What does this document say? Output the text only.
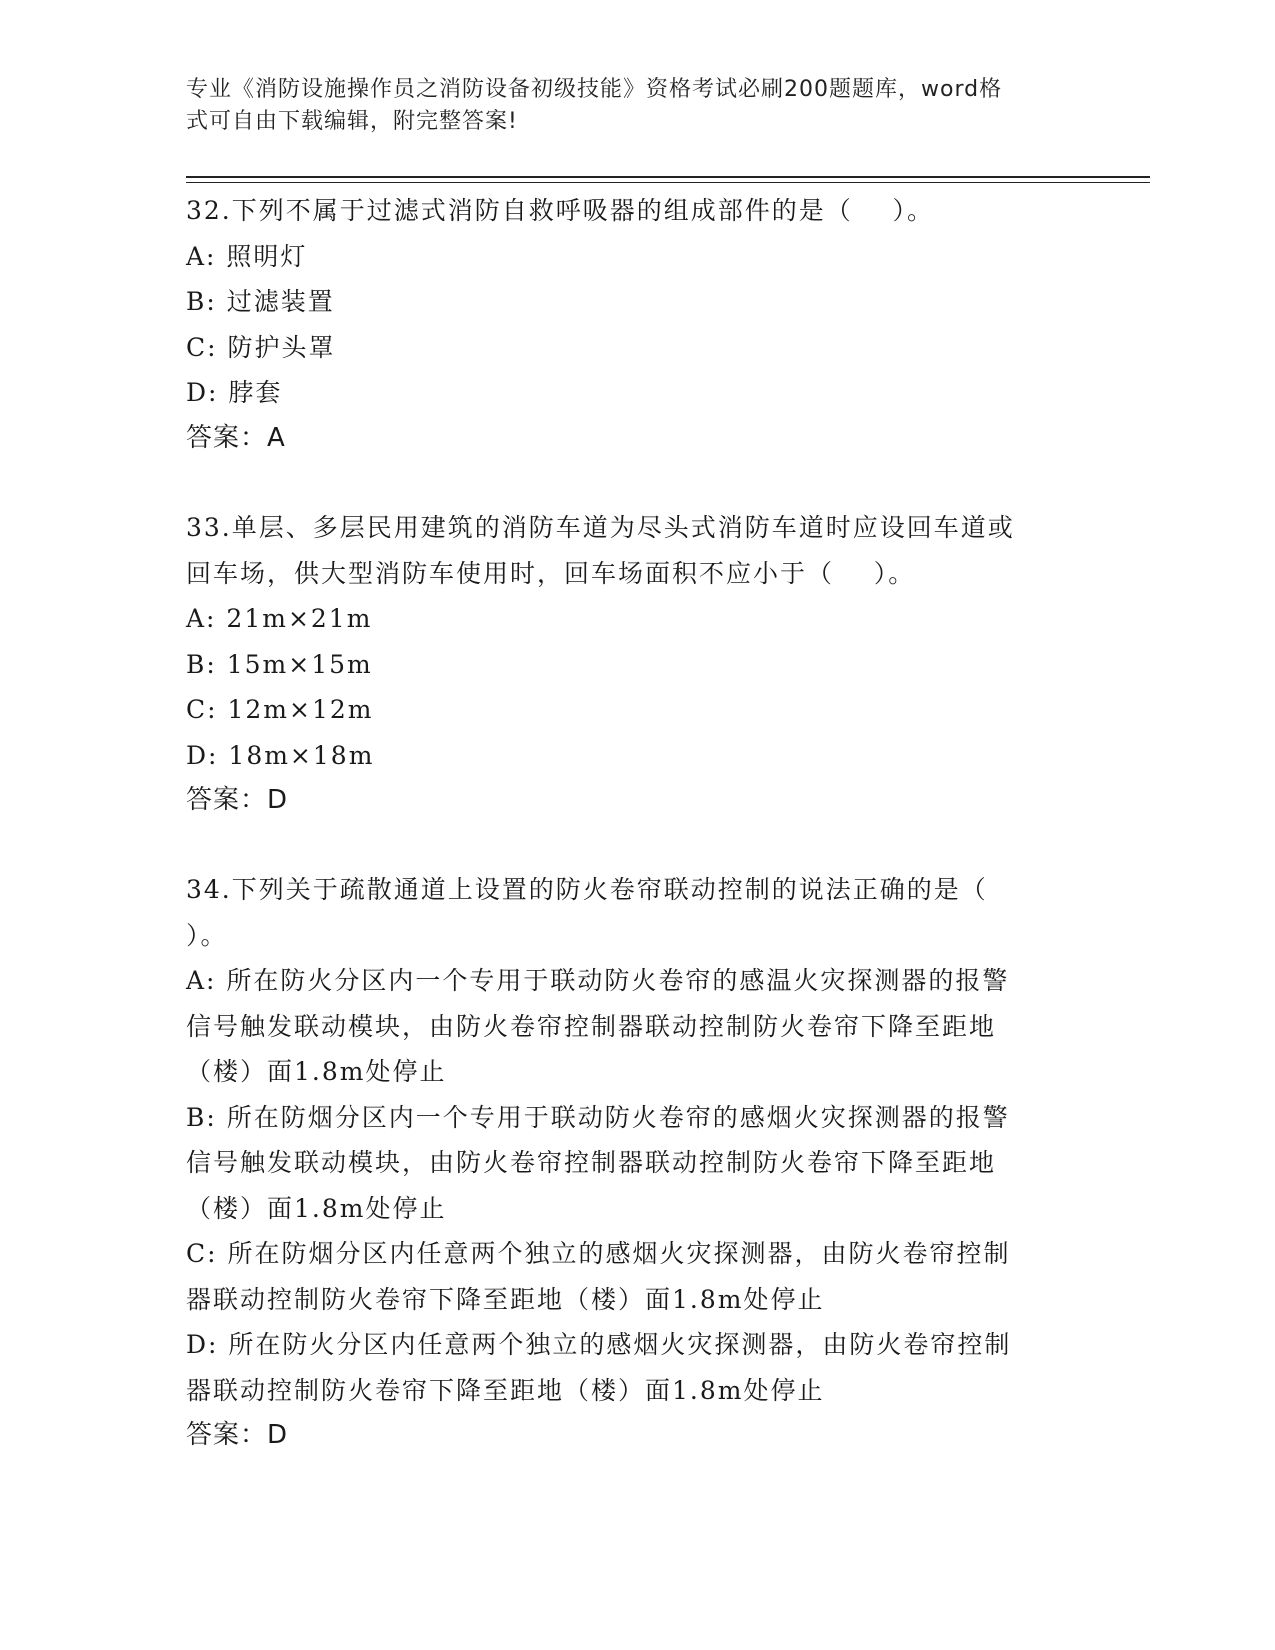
专业《消防设施操作员之消防设备初级技能》资格考试必刷200题题库，word格
式可自由下载编辑，附完整答案!
32.下列不属于过滤式消防自救呼吸器的组成部件的是（    ）。
A: 照明灯
B: 过滤装置
C: 防护头罩
D: 脖套
答案：A
33.单层、多层民用建筑的消防车道为尽头式消防车道时应设回车道或
回车场，供大型消防车使用时，回车场面积不应小于（    ）。
A: 21m×21m
B: 15m×15m
C: 12m×12m
D: 18m×18m
答案：D
34.下列关于疏散通道上设置的防火卷帘联动控制的说法正确的是（
）。
A: 所在防火分区内一个专用于联动防火卷帘的感温火灾探测器的报警
信号触发联动模块，由防火卷帘控制器联动控制防火卷帘下降至距地
（楼）面1.8m处停止
B: 所在防烟分区内一个专用于联动防火卷帘的感烟火灾探测器的报警
信号触发联动模块，由防火卷帘控制器联动控制防火卷帘下降至距地
（楼）面1.8m处停止
C: 所在防烟分区内任意两个独立的感烟火灾探测器，由防火卷帘控制
器联动控制防火卷帘下降至距地（楼）面1.8m处停止
D: 所在防火分区内任意两个独立的感烟火灾探测器，由防火卷帘控制
器联动控制防火卷帘下降至距地（楼）面1.8m处停止
答案：D
